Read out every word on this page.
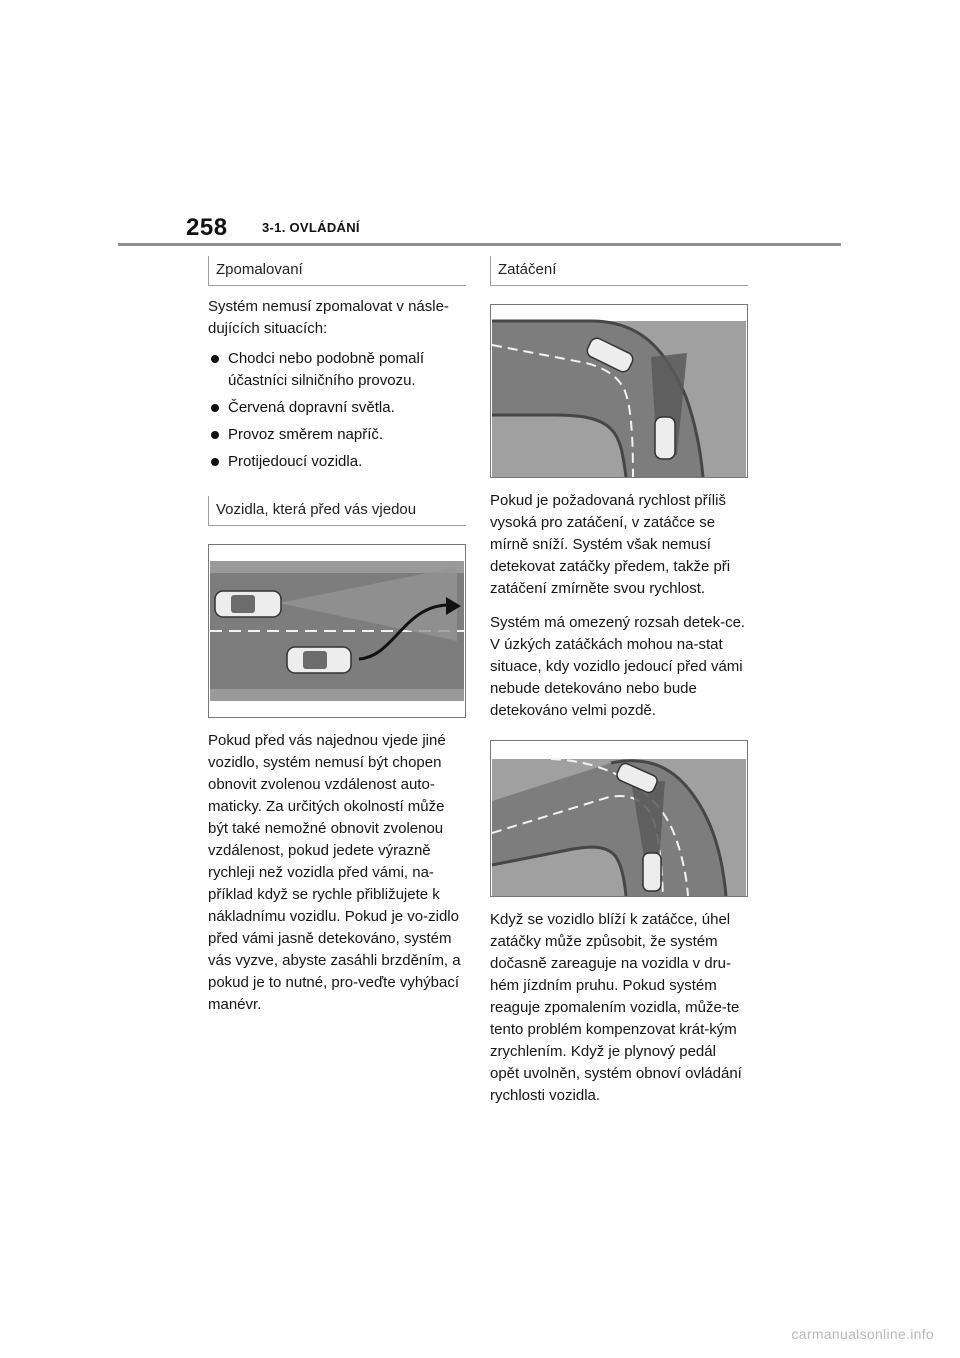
258	3-1. OVLÁDÁNÍ
Zpomalovaní

Systém nemusí zpomalovat v násle-dujících situacích:

Chodci nebo podobně pomalí účastníci silničního provozu.
Červená dopravní světla.
Provoz směrem napříč.
Protijedoucí vozidla.
Vozidla, která před vás vjedou

Pokud před vás najednou vjede jiné vozidlo, systém nemusí být chopen obnovit zvolenou vzdálenost auto-maticky. Za určitých okolností může být také nemožné obnovit zvolenou vzdálenost, pokud jedete výrazně rychleji než vozidla před vámi, na-příklad když se rychle přibližujete k nákladnímu vozidlu. Pokud je vo-zidlo před vámi jasně detekováno, systém vás vyzve, abyste zasáhli brzděním, a pokud je to nutné, pro-veďte vyhýbací manévr.

Zatáčení

Pokud je požadovaná rychlost příliš vysoká pro zatáčení, v zatáčce se mírně sníží. Systém však nemusí detekovat zatáčky předem, takže při zatáčení zmírněte svou rychlost.

Systém má omezený rozsah detek-ce. V úzkých zatáčkách mohou na-stat situace, kdy vozidlo jedoucí před vámi nebude detekováno nebo bude detekováno velmi pozdě.

Když se vozidlo blíží k zatáčce, úhel zatáčky může způsobit, že systém dočasně zareaguje na vozidla v dru-hém jízdním pruhu. Pokud systém reaguje zpomalením vozidla, může-te tento problém kompenzovat krát-kým zrychlením. Když je plynový pedál opět uvolněn, systém obnoví ovládání rychlosti vozidla.

carmanualsonline.info
